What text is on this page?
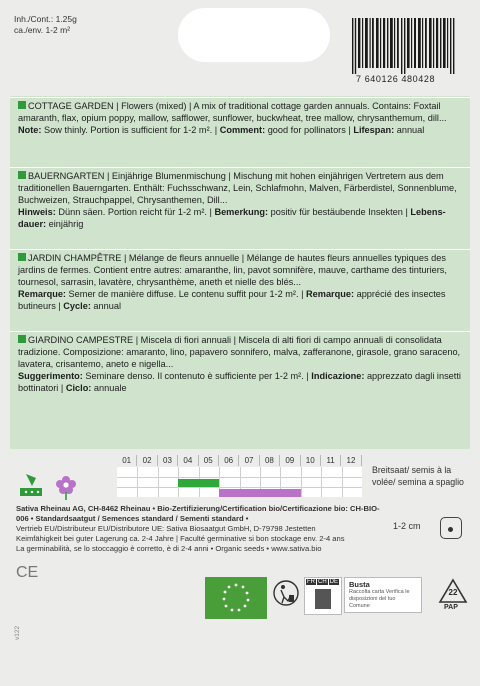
Inh./Cont.: 1.25g
ca./env. 1-2 m²
7 640126 480428
COTTAGE GARDEN | Flowers (mixed) | A mix of traditional cottage garden annuals. Contains: Foxtail amaranth, flax, opium poppy, mallow, safflower, sunflower, buckwheat, tree mallow, chrysanthemum, dill...
Note: Sow thinly. Portion is sufficient for 1-2 m². | Comment: good for pollinators | Lifespan: annual
BAUERNGARTEN | Einjährige Blumenmischung | Mischung mit hohen einjährigen Vertretern aus dem traditionellen Bauerngarten. Enthält: Fuchsschwanz, Lein, Schlafmohn, Malven, Färberdistel, Sonnenblume, Buchweizen, Strauchpappel, Chrysanthemen, Dill...
Hinweis: Dünn säen. Portion reicht für 1-2 m². | Bemerkung: positiv für bestäubende Insekten | Lebens-dauer: einjährig
JARDIN CHAMPÊTRE | Mélange de fleurs annuelle | Mélange de hautes fleurs annuelles typiques des jardins de fermes. Contient entre autres: amaranthe, lin, pavot somnifère, mauve, carthame des tinturiers, tournesol, sarrasin, lavatère, chrysanthème, aneth et nielle des blés...
Remarque: Semer de manière diffuse. Le contenu suffit pour 1-2 m². | Remarque: apprécié des insectes butineurs | Cycle: annual
GIARDINO CAMPESTRE | Miscela di fiori annuali | Miscela di alti fiori di campo annuali di consolidata tradizione. Composizione: amaranto, lino, papavero sonnifero, malva, zafferanone, girasole, grano saraceno, lavatera, crisantemo, aneto e nigella...
Suggerimento: Seminare denso. Il contenuto è sufficiente per 1-2 m². | Indicazione: apprezzato dagli insetti bottinatori | Ciclo: annuale
01	02	03	04	05	06	07	08	09	10	11	12
Breitsaat/ semis à la volée/ semina a spaglio
1-2 cm
Sativa Rheinau AG, CH-8462 Rheinau • Bio-Zertifizierung/Certification bio/Certificazione bio: CH-BIO-006 • Standardsaatgut / Semences standard / Sementi standard •
Vertrieb EU/Distributeur EU/Distributore UE: Sativa Biosaatgut GmbH, D-79798 Jestetten
Keimfähigkeit bei guter Lagerung ca. 2-4 Jahre | Faculté germinative si bon stockage env. 2-4 ans
La germinabilità, se lo stoccaggio è corretto, è di 2-4 anni • Organic seeds • www.sativa.bio
CE
v122
FR CH DE Busta
Raccolta carta Verifica le disposizioni del tuo Comune
22
PAP
